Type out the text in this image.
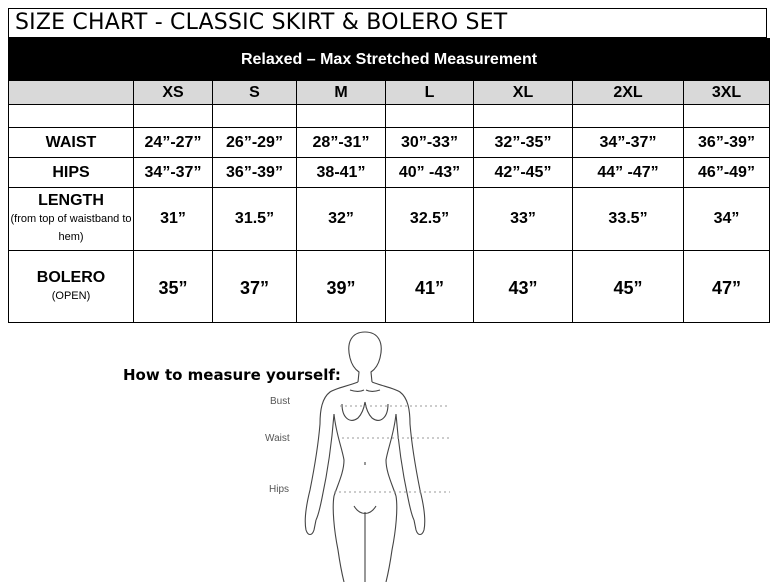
SIZE CHART - CLASSIC SKIRT & BOLERO SET
Relaxed – Max Stretched Measurement							
	XS	S	M	L	XL	2XL	3XL

WAIST	24”-27”	26”-29”	28”-31”	30”-33”	32”-35”	34”-37”	36”-39”
HIPS	34”-37”	36”-39”	38-41”	40” -43”	42”-45”	44” -47”	46”-49”
LENGTH
(from top of waistband to hem)	31”	31.5”	32”	32.5”	33”	33.5”	34”
BOLERO
(OPEN)	35”	37”	39”	41”	43”	45”	47”
How to measure yourself:
Bust
Waist
Hips
